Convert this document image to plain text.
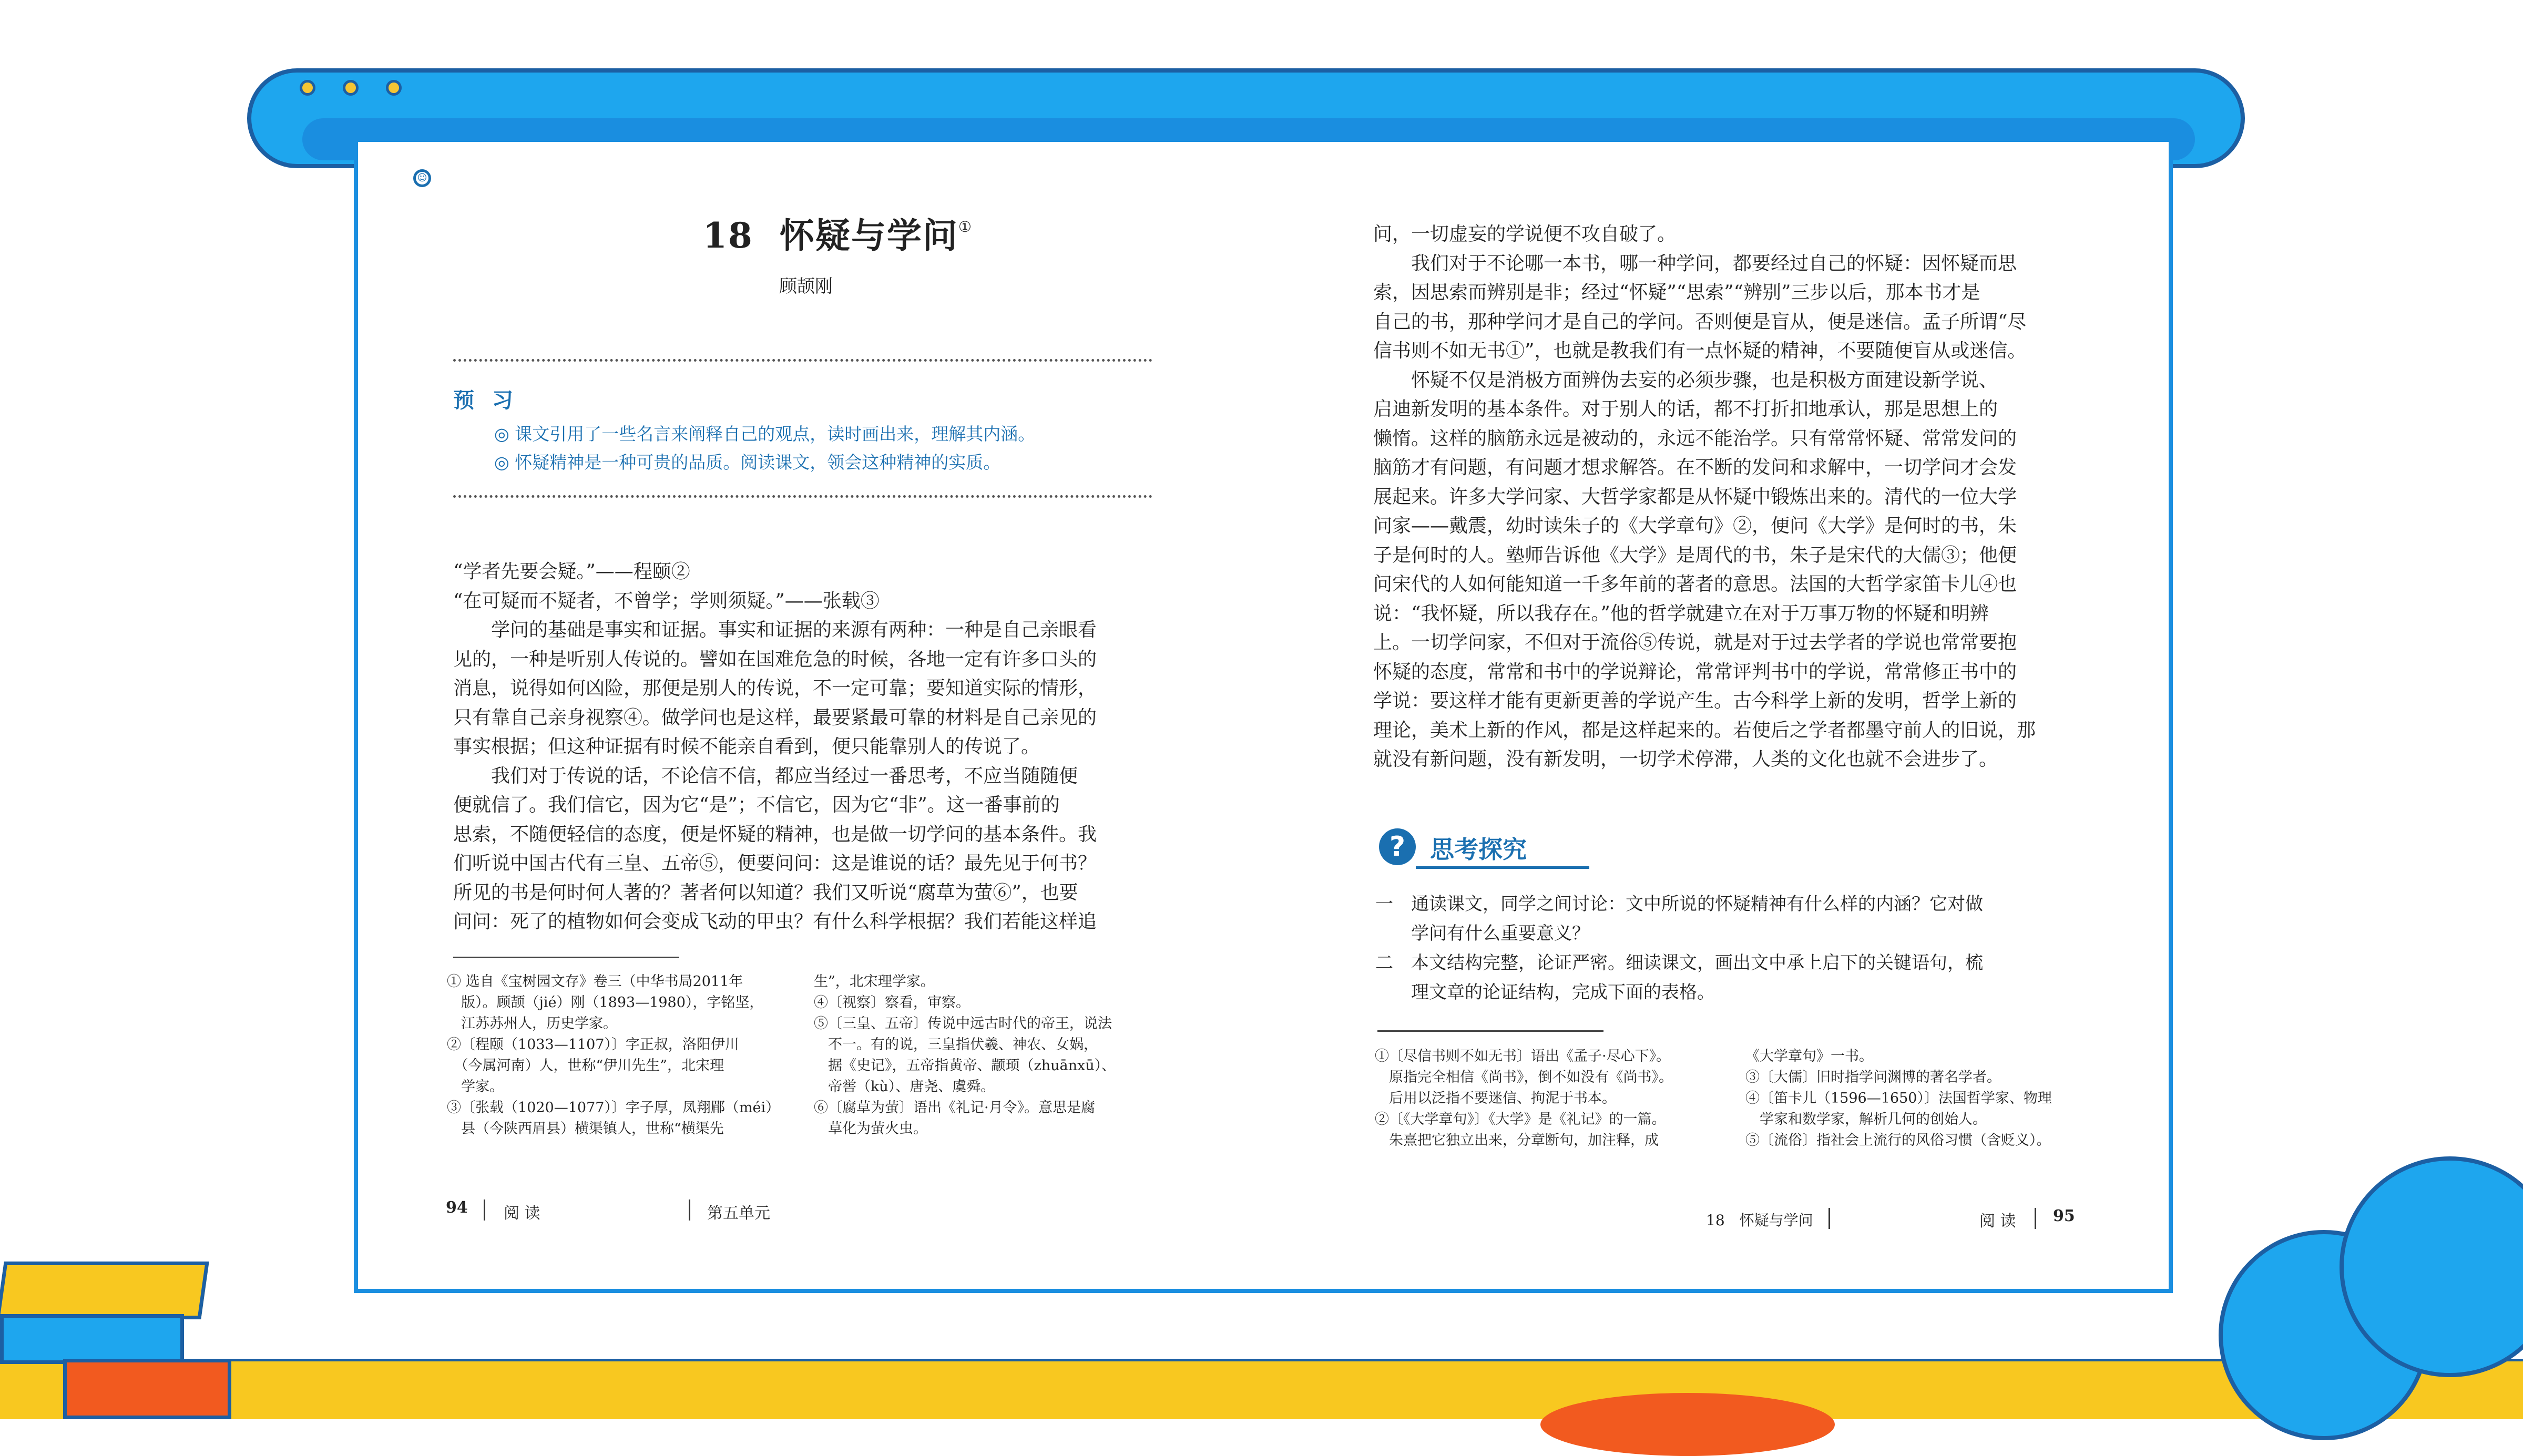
☺
18 怀疑与学问①
顾颉刚
预 习
◎ 课文引用了一些名言来阐释自己的观点，读时画出来，理解其内涵。
◎ 怀疑精神是一种可贵的品质。阅读课文，领会这种精神的实质。
“学者先要会疑。”——程颐②
“在可疑而不疑者，不曾学；学则须疑。”——张载③
　　学问的基础是事实和证据。事实和证据的来源有两种：一种是自己亲眼看
见的，一种是听别人传说的。譬如在国难危急的时候，各地一定有许多口头的
消息，说得如何凶险，那便是别人的传说，不一定可靠；要知道实际的情形，
只有靠自己亲身视察④。做学问也是这样，最要紧最可靠的材料是自己亲见的
事实根据；但这种证据有时候不能亲自看到，便只能靠别人的传说了。
　　我们对于传说的话，不论信不信，都应当经过一番思考，不应当随随便
便就信了。我们信它，因为它“是”；不信它，因为它“非”。这一番事前的
思索，不随便轻信的态度，便是怀疑的精神，也是做一切学问的基本条件。我
们听说中国古代有三皇、五帝⑤，便要问问：这是谁说的话？最先见于何书？
所见的书是何时何人著的？著者何以知道？我们又听说“腐草为萤⑥”，也要
问问：死了的植物如何会变成飞动的甲虫？有什么科学根据？我们若能这样追
① 选自《宝树园文存》卷三（中华书局2011年
　版）。顾颉（jié）刚（1893—1980），字铭坚，
　江苏苏州人，历史学家。
②〔程颐（1033—1107）〕字正叔，洛阳伊川
　（今属河南）人，世称“伊川先生”，北宋理
　学家。
③〔张载（1020—1077）〕字子厚，凤翔郿（méi）
　县（今陕西眉县）横渠镇人，世称“横渠先
生”，北宋理学家。
④〔视察〕察看，审察。
⑤〔三皇、五帝〕传说中远古时代的帝王，说法
　不一。有的说，三皇指伏羲、神农、女娲，
　据《史记》，五帝指黄帝、颛顼（zhuānxū）、
　帝喾（kù）、唐尧、虞舜。
⑥〔腐草为萤〕语出《礼记·月令》。意思是腐
　草化为萤火虫。
94 阅 读	第五单元
问，一切虚妄的学说便不攻自破了。
　　我们对于不论哪一本书，哪一种学问，都要经过自己的怀疑：因怀疑而思
索，因思索而辨别是非；经过“怀疑”“思索”“辨别”三步以后，那本书才是
自己的书，那种学问才是自己的学问。否则便是盲从，便是迷信。孟子所谓“尽
信书则不如无书①”，也就是教我们有一点怀疑的精神，不要随便盲从或迷信。
　　怀疑不仅是消极方面辨伪去妄的必须步骤，也是积极方面建设新学说、
启迪新发明的基本条件。对于别人的话，都不打折扣地承认，那是思想上的
懒惰。这样的脑筋永远是被动的，永远不能治学。只有常常怀疑、常常发问的
脑筋才有问题，有问题才想求解答。在不断的发问和求解中，一切学问才会发
展起来。许多大学问家、大哲学家都是从怀疑中锻炼出来的。清代的一位大学
问家——戴震，幼时读朱子的《大学章句》②，便问《大学》是何时的书，朱
子是何时的人。塾师告诉他《大学》是周代的书，朱子是宋代的大儒③；他便
问宋代的人如何能知道一千多年前的著者的意思。法国的大哲学家笛卡儿④也
说：“我怀疑，所以我存在。”他的哲学就建立在对于万事万物的怀疑和明辨
上。一切学问家，不但对于流俗⑤传说，就是对于过去学者的学说也常常要抱
怀疑的态度，常常和书中的学说辩论，常常评判书中的学说，常常修正书中的
学说：要这样才能有更新更善的学说产生。古今科学上新的发明，哲学上新的
理论，美术上新的作风，都是这样起来的。若使后之学者都墨守前人的旧说，那
就没有新问题，没有新发明，一切学术停滞，人类的文化也就不会进步了。
?	思考探究
一　通读课文，同学之间讨论：文中所说的怀疑精神有什么样的内涵？它对做
　　学问有什么重要意义？
二　本文结构完整，论证严密。细读课文，画出文中承上启下的关键语句，梳
　　理文章的论证结构，完成下面的表格。
①〔尽信书则不如无书〕语出《孟子·尽心下》。
　原指完全相信《尚书》，倒不如没有《尚书》。
　后用以泛指不要迷信、拘泥于书本。
②〔《大学章句》〕《大学》是《礼记》的一篇。
　朱熹把它独立出来，分章断句，加注释，成
《大学章句》一书。
③〔大儒〕旧时指学问渊博的著名学者。
④〔笛卡儿（1596—1650）〕法国哲学家、物理
　学家和数学家，解析几何的创始人。
⑤〔流俗〕指社会上流行的风俗习惯（含贬义）。
18　怀疑与学问	阅 读 95
